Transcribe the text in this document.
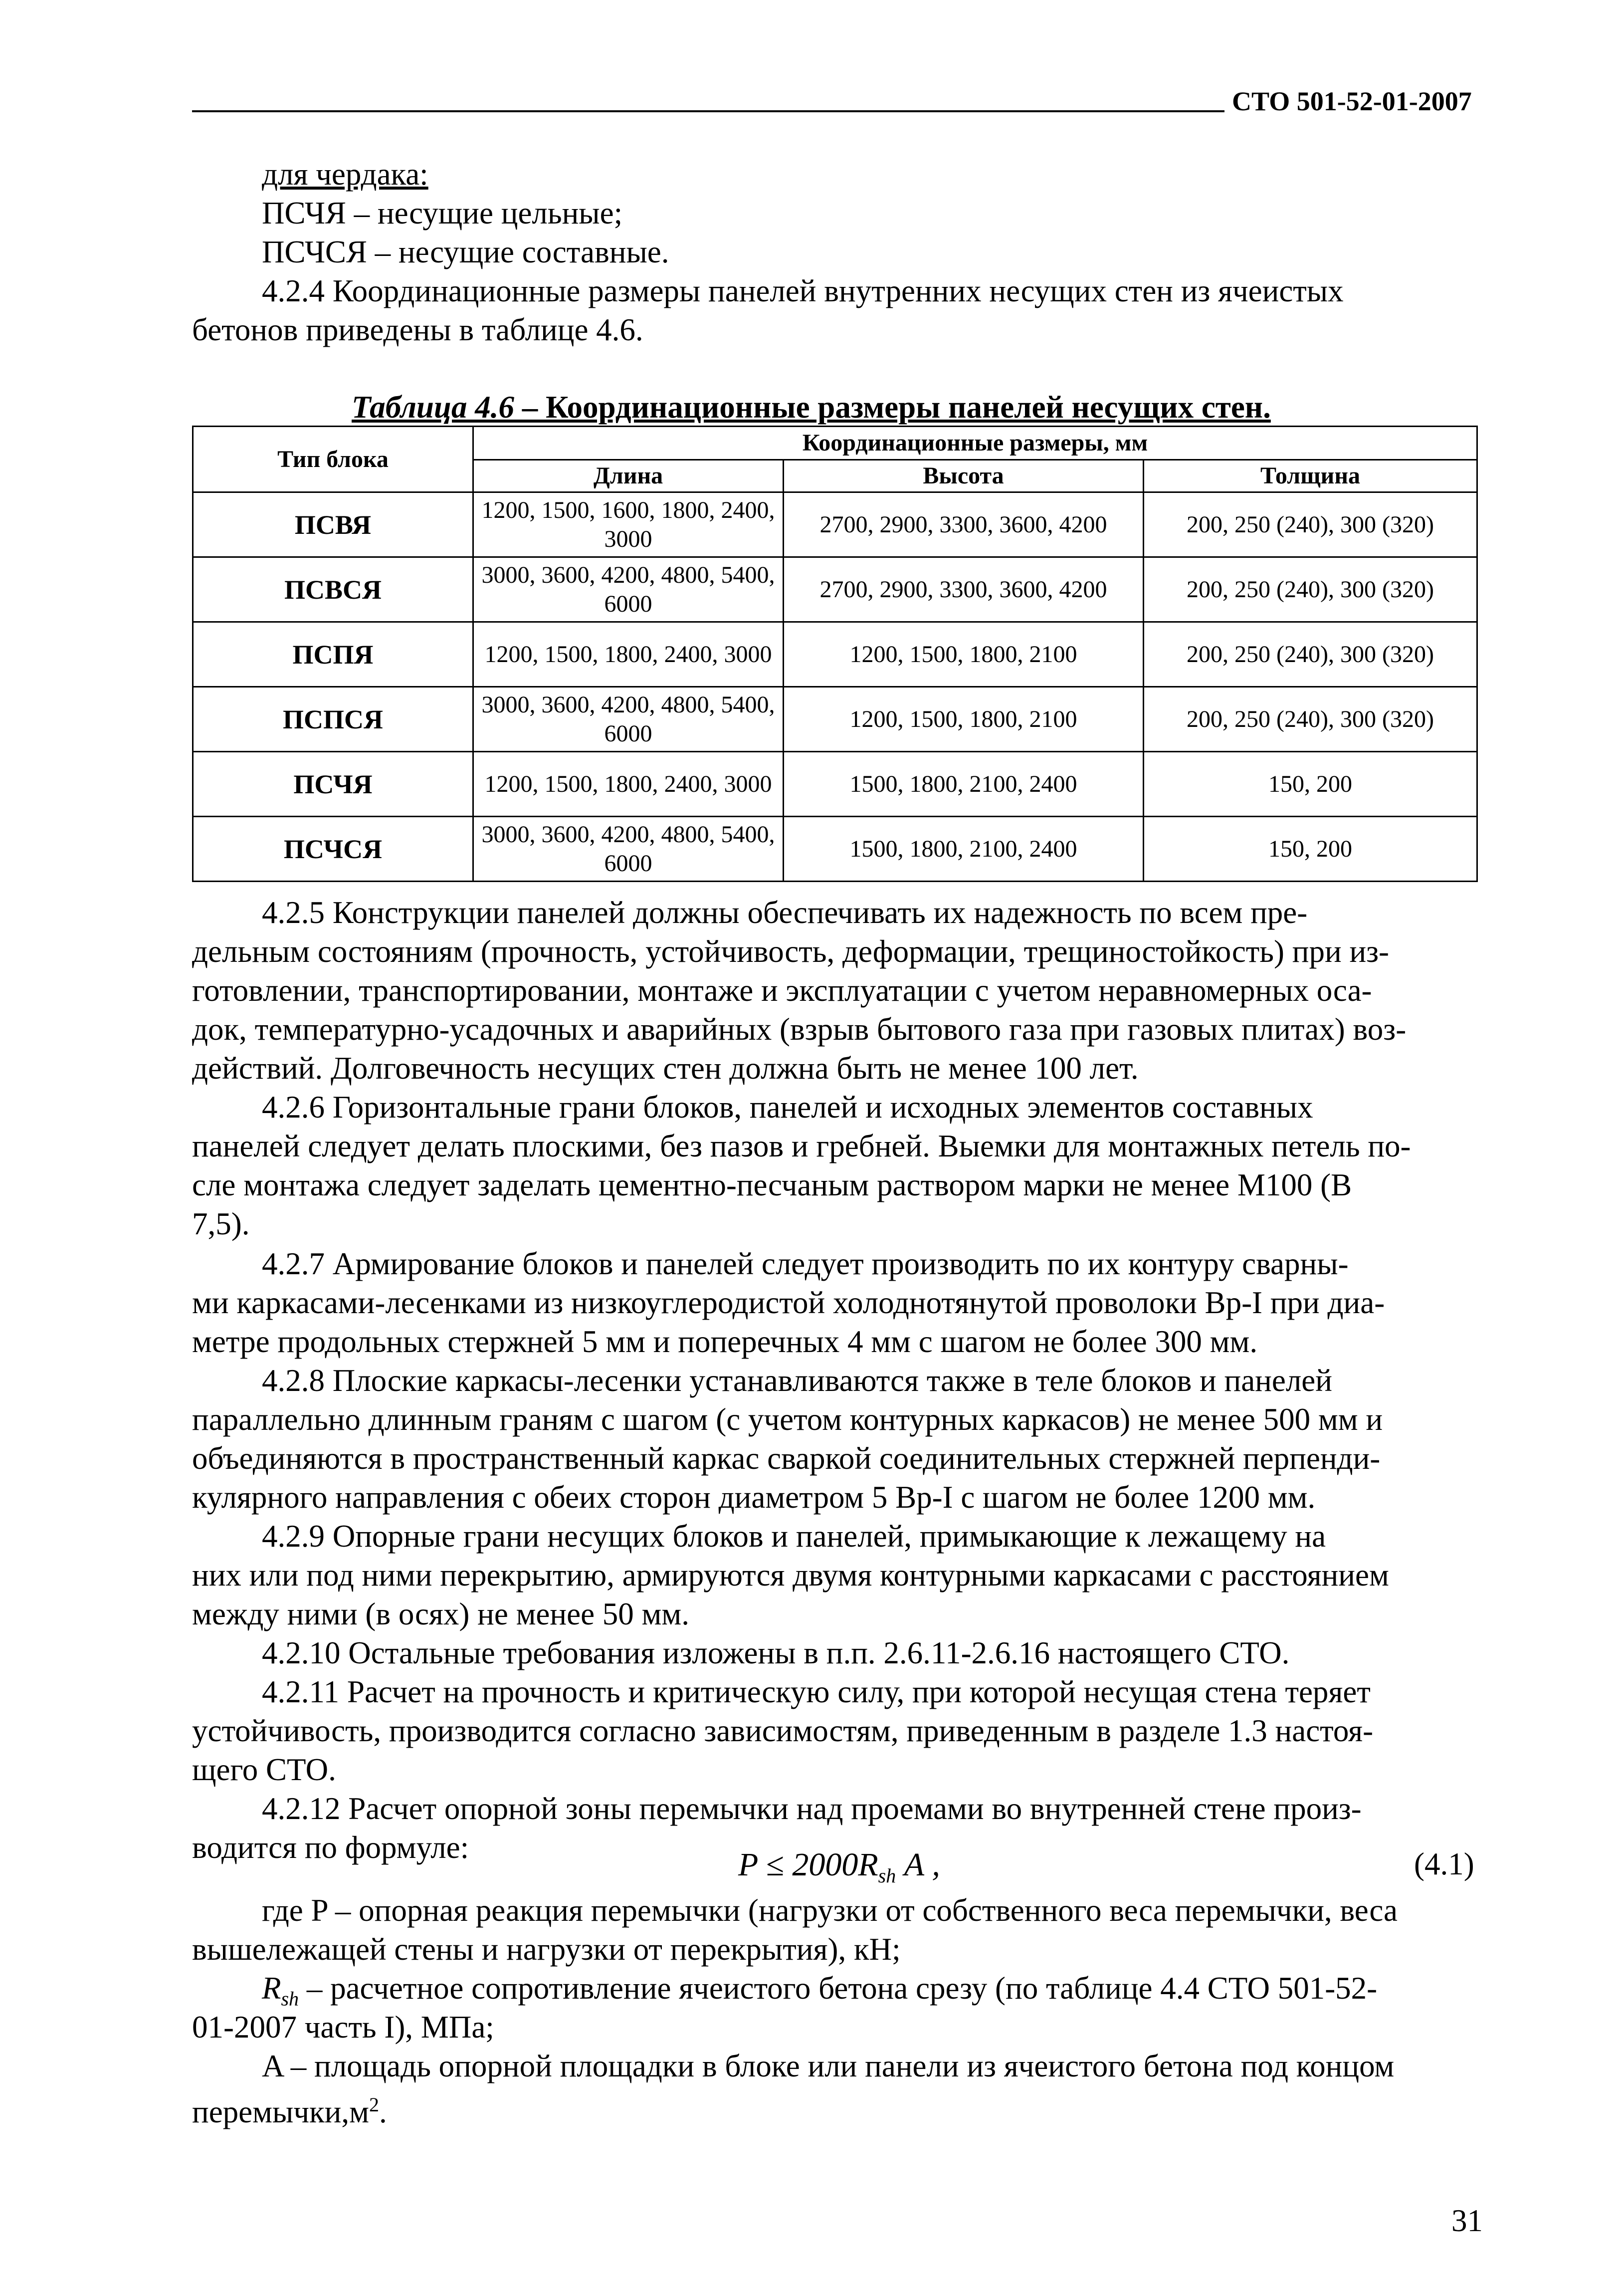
СТО 501-52-01-2007
для чердака:
ПСЧЯ – несущие цельные;
ПСЧСЯ – несущие составные.
4.2.4 Координационные размеры панелей внутренних несущих стен из ячеистых
бетонов приведены в таблице 4.6.
Таблица 4.6 – Координационные размеры панелей несущих стен.
Тип блока	Координационные размеры, мм		
	Длина	Высота	Толщина
ПСВЯ	1200, 1500, 1600, 1800, 2400, 3000	2700, 2900, 3300, 3600, 4200	200, 250 (240), 300 (320)
ПСВСЯ	3000, 3600, 4200, 4800, 5400, 6000	2700, 2900, 3300, 3600, 4200	200, 250 (240), 300 (320)
ПСПЯ	1200, 1500, 1800, 2400, 3000	1200, 1500, 1800, 2100	200, 250 (240), 300 (320)
ПСПСЯ	3000, 3600, 4200, 4800, 5400, 6000	1200, 1500, 1800, 2100	200, 250 (240), 300 (320)
ПСЧЯ	1200, 1500, 1800, 2400, 3000	1500, 1800, 2100, 2400	150, 200
ПСЧСЯ	3000, 3600, 4200, 4800, 5400, 6000	1500, 1800, 2100, 2400	150, 200
4.2.5 Конструкции панелей должны обеспечивать их надежность по всем пре-
дельным состояниям (прочность, устойчивость, деформации, трещиностойкость) при из-
готовлении, транспортировании, монтаже и эксплуатации с учетом неравномерных оса-
док, температурно-усадочных и аварийных (взрыв бытового газа при газовых плитах) воз-
действий. Долговечность несущих стен должна быть не менее 100 лет.
4.2.6 Горизонтальные грани блоков, панелей и исходных элементов составных
панелей следует делать плоскими, без пазов и гребней. Выемки для монтажных петель по-
сле монтажа следует заделать цементно-песчаным раствором марки не менее М100 (В
7,5).
4.2.7 Армирование блоков и панелей следует производить по их контуру сварны-
ми каркасами-лесенками из низкоуглеродистой холоднотянутой проволоки Вр-I при диа-
метре продольных стержней 5 мм и поперечных 4 мм с шагом не более 300 мм.
4.2.8 Плоские каркасы-лесенки устанавливаются также в теле блоков и панелей
параллельно длинным граням с шагом (с учетом контурных каркасов) не менее 500 мм и
объединяются в пространственный каркас сваркой соединительных стержней перпенди-
кулярного направления с обеих сторон диаметром 5 Вр-I с шагом не более 1200 мм.
4.2.9 Опорные грани несущих блоков и панелей, примыкающие к лежащему на
них или под ними перекрытию, армируются двумя контурными каркасами с расстоянием
между ними (в осях) не менее 50 мм.
4.2.10 Остальные требования изложены в п.п. 2.6.11-2.6.16 настоящего СТО.
4.2.11 Расчет на прочность и критическую силу, при которой несущая стена теряет
устойчивость, производится согласно зависимостям, приведенным в разделе 1.3 настоя-
щего СТО.
4.2.12 Расчет опорной зоны перемычки над проемами во внутренней стене произ-
водится по формуле:	$P \le 2000R_{sh}$ A ,	(4.1)
где P – опорная реакция перемычки (нагрузки от собственного веса перемычки, веса
вышележащей стены и нагрузки от перекрытия), кН;
$R_{sh}$ – расчетное сопротивление ячеистого бетона срезу (по таблице 4.4 СТО 501-52-
01-2007 часть I), МПа;
A – площадь опорной площадки в блоке или панели из ячеистого бетона под концом
$перемычки,м^2$.
31
